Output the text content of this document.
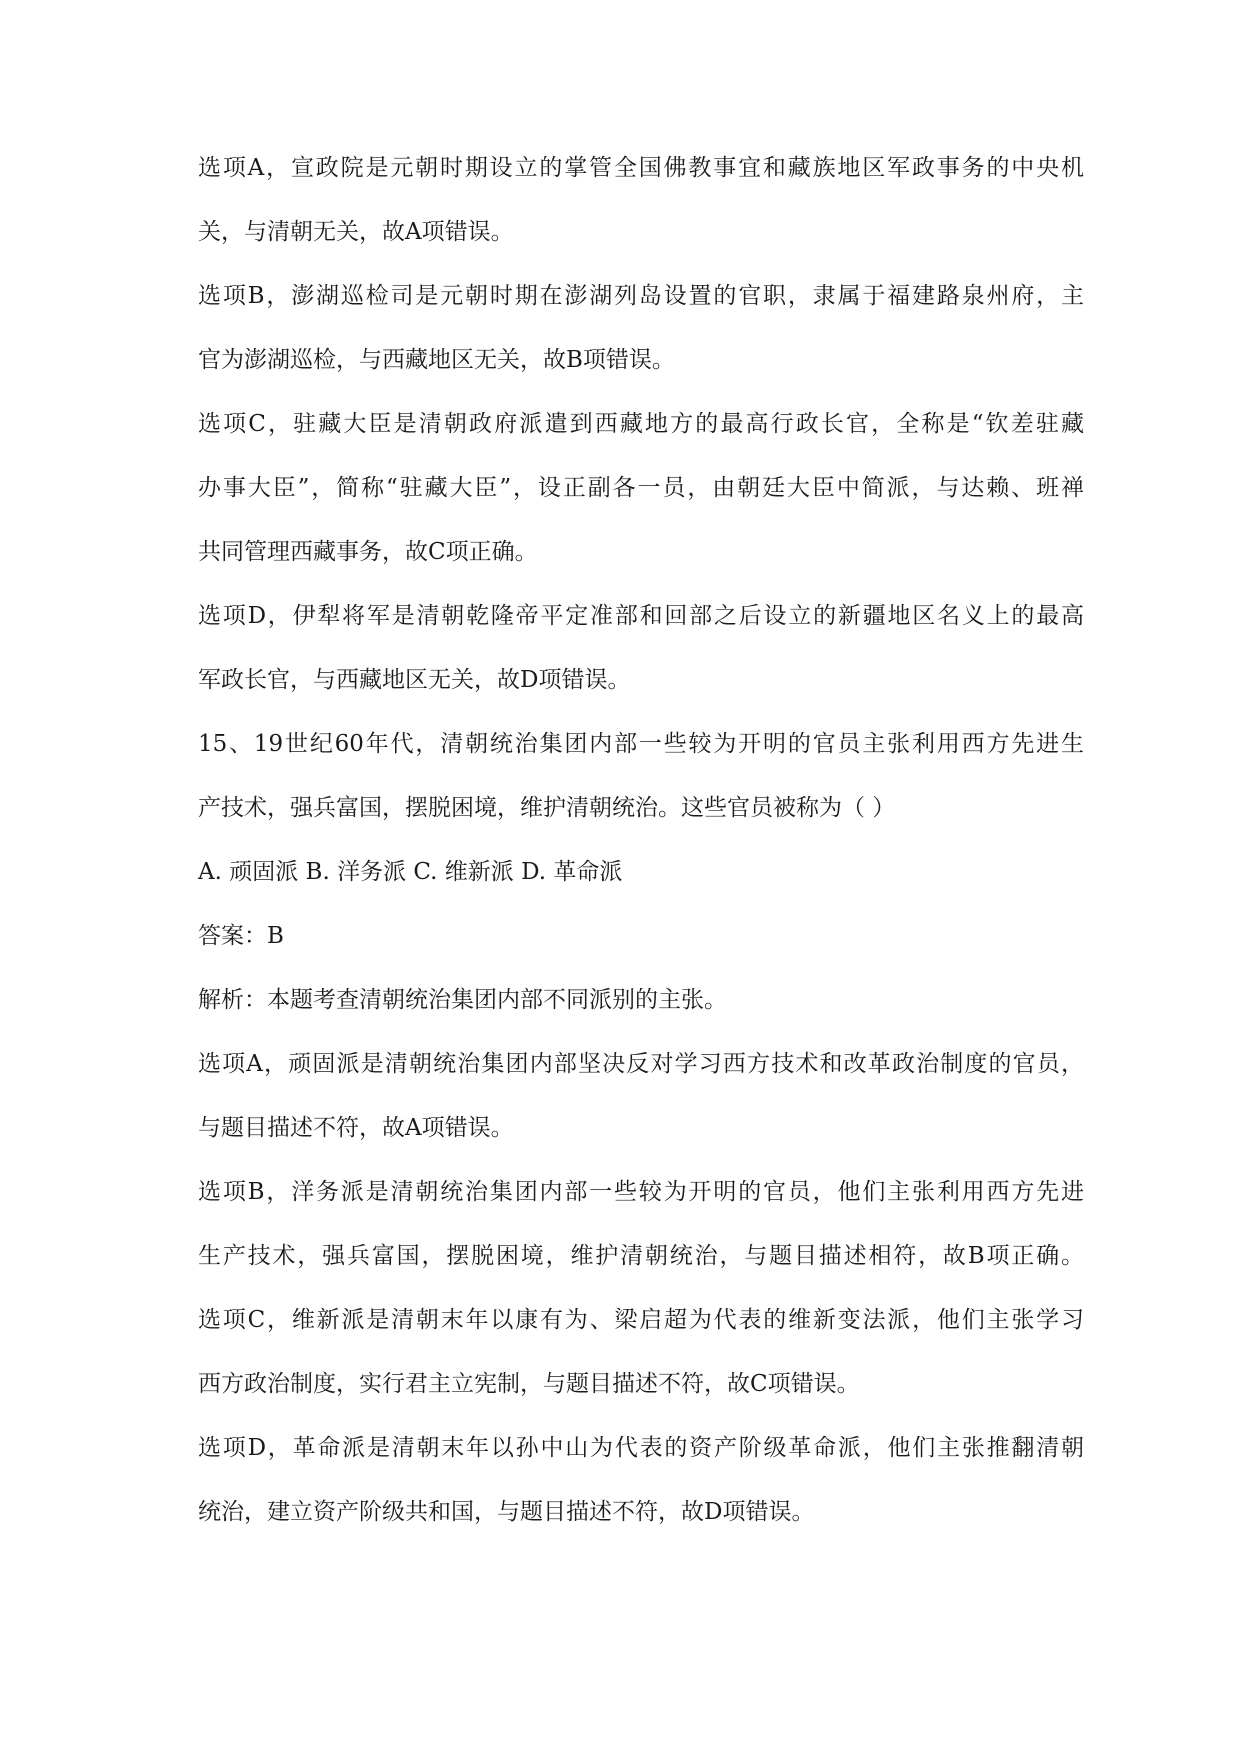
选项A，宣政院是元朝时期设立的掌管全国佛教事宜和藏族地区军政事务的中央机

关，与清朝无关，故A项错误。

选项B，澎湖巡检司是元朝时期在澎湖列岛设置的官职，隶属于福建路泉州府，主

官为澎湖巡检，与西藏地区无关，故B项错误。

选项C，驻藏大臣是清朝政府派遣到西藏地方的最高行政长官，全称是“钦差驻藏

办事大臣”，简称“驻藏大臣”，设正副各一员，由朝廷大臣中简派，与达赖、班禅

共同管理西藏事务，故C项正确。

选项D，伊犁将军是清朝乾隆帝平定准部和回部之后设立的新疆地区名义上的最高

军政长官，与西藏地区无关，故D项错误。

15、19世纪60年代，清朝统治集团内部一些较为开明的官员主张利用西方先进生

产技术，强兵富国，摆脱困境，维护清朝统治。这些官员被称为（ ）

A. 顽固派 B. 洋务派 C. 维新派 D. 革命派

答案：B

解析：本题考查清朝统治集团内部不同派别的主张。

选项A，顽固派是清朝统治集团内部坚决反对学习西方技术和改革政治制度的官员，

与题目描述不符，故A项错误。

选项B，洋务派是清朝统治集团内部一些较为开明的官员，他们主张利用西方先进

生产技术，强兵富国，摆脱困境，维护清朝统治，与题目描述相符，故B项正确。

选项C，维新派是清朝末年以康有为、梁启超为代表的维新变法派，他们主张学习

西方政治制度，实行君主立宪制，与题目描述不符，故C项错误。

选项D，革命派是清朝末年以孙中山为代表的资产阶级革命派，他们主张推翻清朝

统治，建立资产阶级共和国，与题目描述不符，故D项错误。
